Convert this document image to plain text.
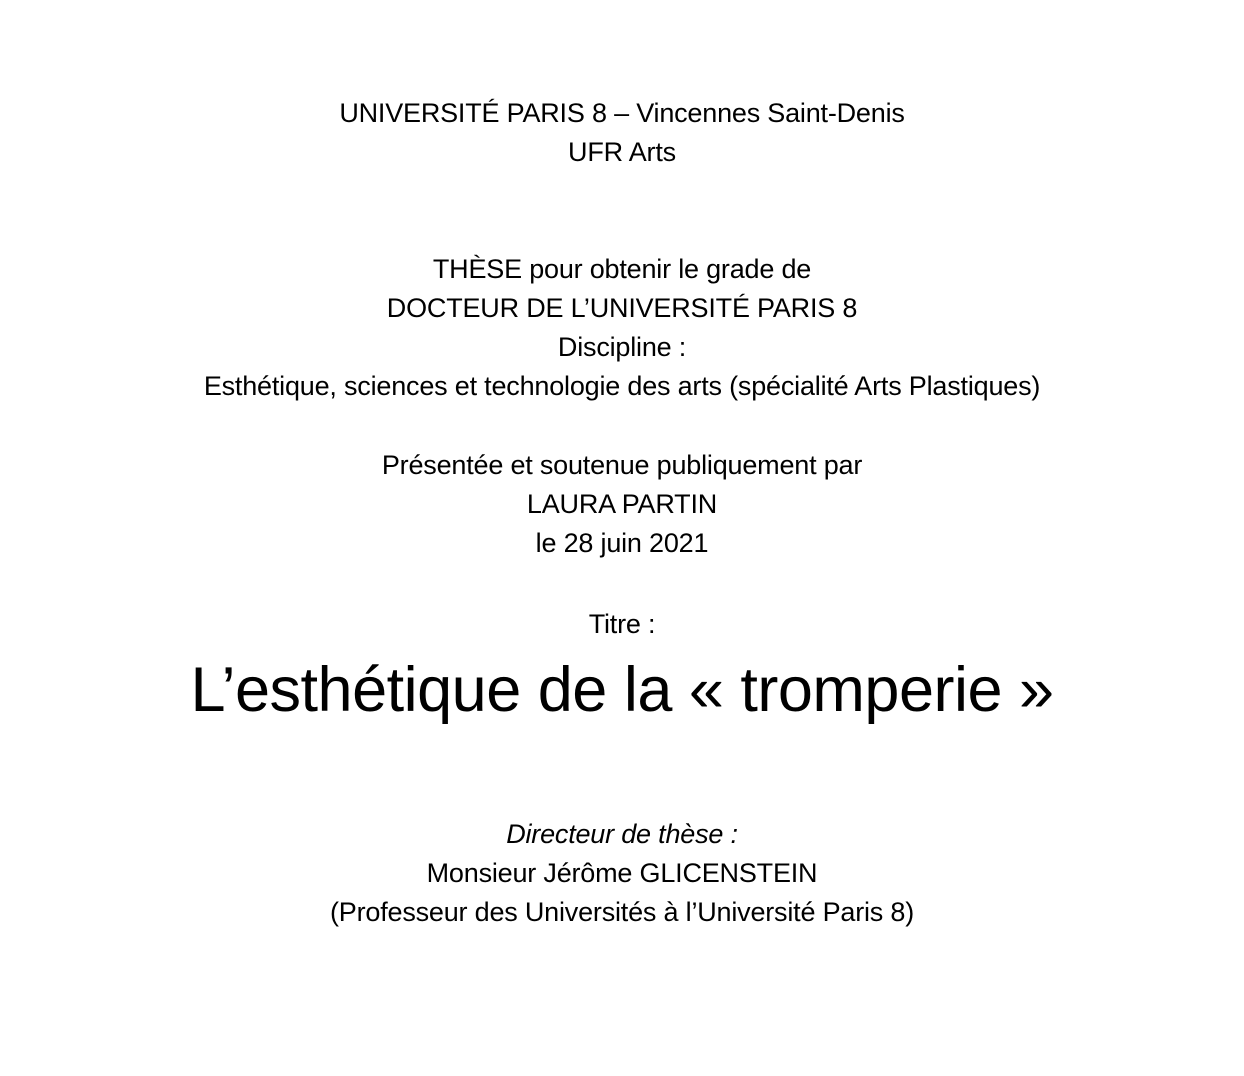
UNIVERSITÉ PARIS 8 – Vincennes Saint-Denis
UFR Arts
THÈSE pour obtenir le grade de
DOCTEUR DE L’UNIVERSITÉ PARIS 8
Discipline :
Esthétique, sciences et technologie des arts (spécialité Arts Plastiques)
Présentée et soutenue publiquement par
LAURA PARTIN
le 28 juin 2021
Titre :
L’esthétique de la « tromperie »
Directeur de thèse :
Monsieur Jérôme GLICENSTEIN
(Professeur des Universités à l’Université Paris 8)
